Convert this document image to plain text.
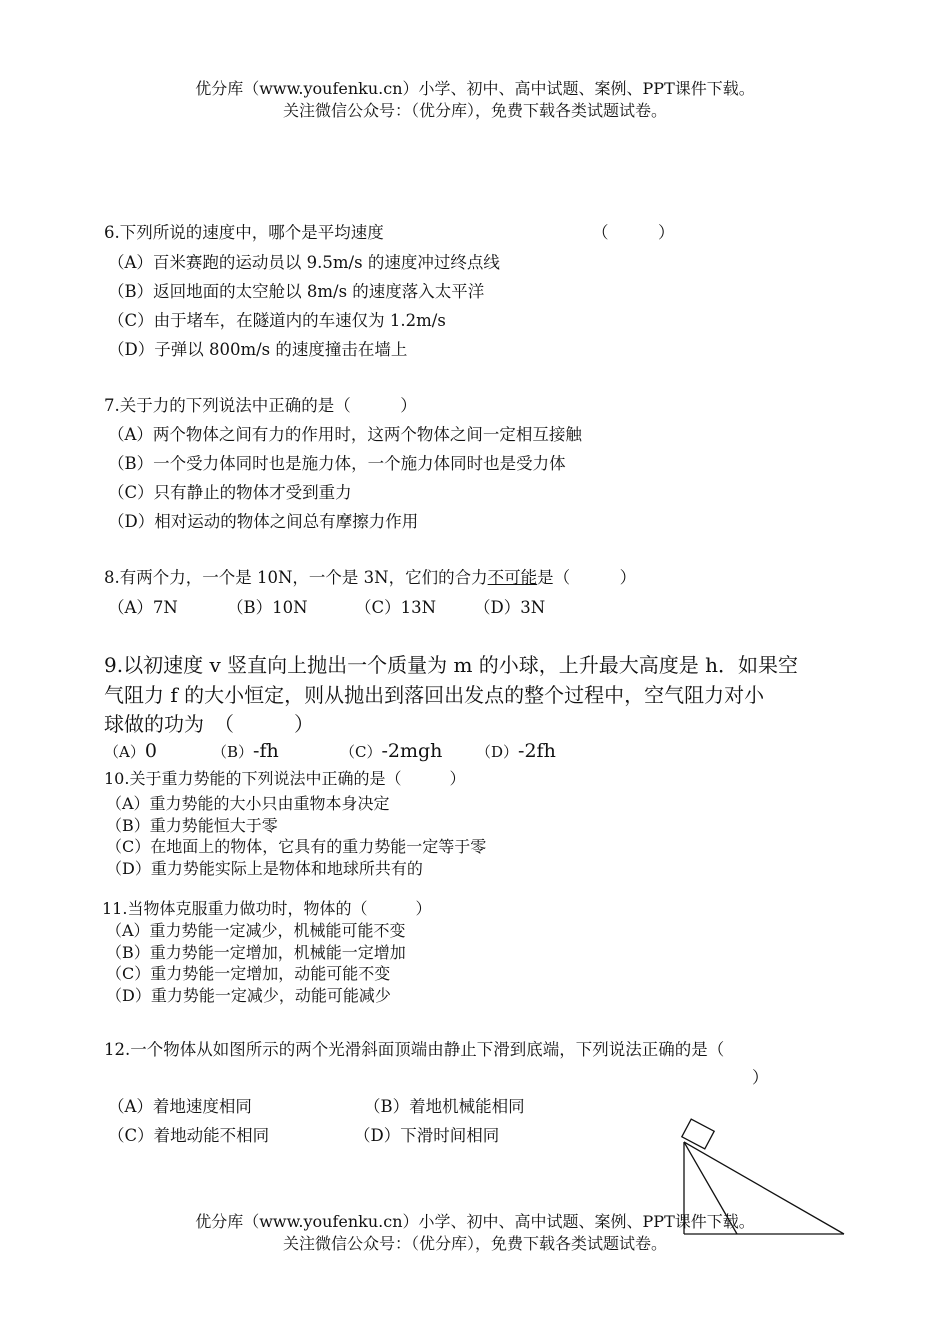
优分库（www.youfenku.cn）小学、初中、高中试题、案例、PPT课件下载。
关注微信公众号：（优分库），免费下载各类试题试卷。
6.下列所说的速度中，哪个是平均速度	（　　　）
（A）百米赛跑的运动员以 9.5m/s 的速度冲过终点线
（B）返回地面的太空舱以 8m/s 的速度落入太平洋
（C）由于堵车，在隧道内的车速仅为 1.2m/s
（D）子弹以 800m/s 的速度撞击在墙上
7.关于力的下列说法中正确的是（　　　）
（A）两个物体之间有力的作用时，这两个物体之间一定相互接触
（B）一个受力体同时也是施力体，一个施力体同时也是受力体
（C）只有静止的物体才受到重力
（D）相对运动的物体之间总有摩擦力作用
8.有两个力，一个是 10N，一个是 3N，它们的合力不可能是（　　　）
（A）7N	（B）10N	（C）13N （D）3N
9.以初速度 v 竖直向上抛出一个质量为 m 的小球，上升最大高度是 h．如果空
气阻力 f 的大小恒定，则从抛出到落回出发点的整个过程中，空气阻力对小
球做的功为　（　　　）
（A）0	（B）-fh	（C）-2mgh （D）-2fh
10.关于重力势能的下列说法中正确的是（　　　）
（A）重力势能的大小只由重物本身决定
（B）重力势能恒大于零
（C）在地面上的物体，它具有的重力势能一定等于零
（D）重力势能实际上是物体和地球所共有的
11.当物体克服重力做功时，物体的（　　　）
（A）重力势能一定减少，机械能可能不变
（B）重力势能一定增加，机械能一定增加
（C）重力势能一定增加，动能可能不变
（D）重力势能一定减少，动能可能减少
12.一个物体从如图所示的两个光滑斜面顶端由静止下滑到底端，下列说法正确的是（
）
（A）着地速度相同	（B）着地机械能相同
（C）着地动能不相同	（D）下滑时间相同
优分库（www.youfenku.cn）小学、初中、高中试题、案例、PPT课件下载。
关注微信公众号：（优分库），免费下载各类试题试卷。
